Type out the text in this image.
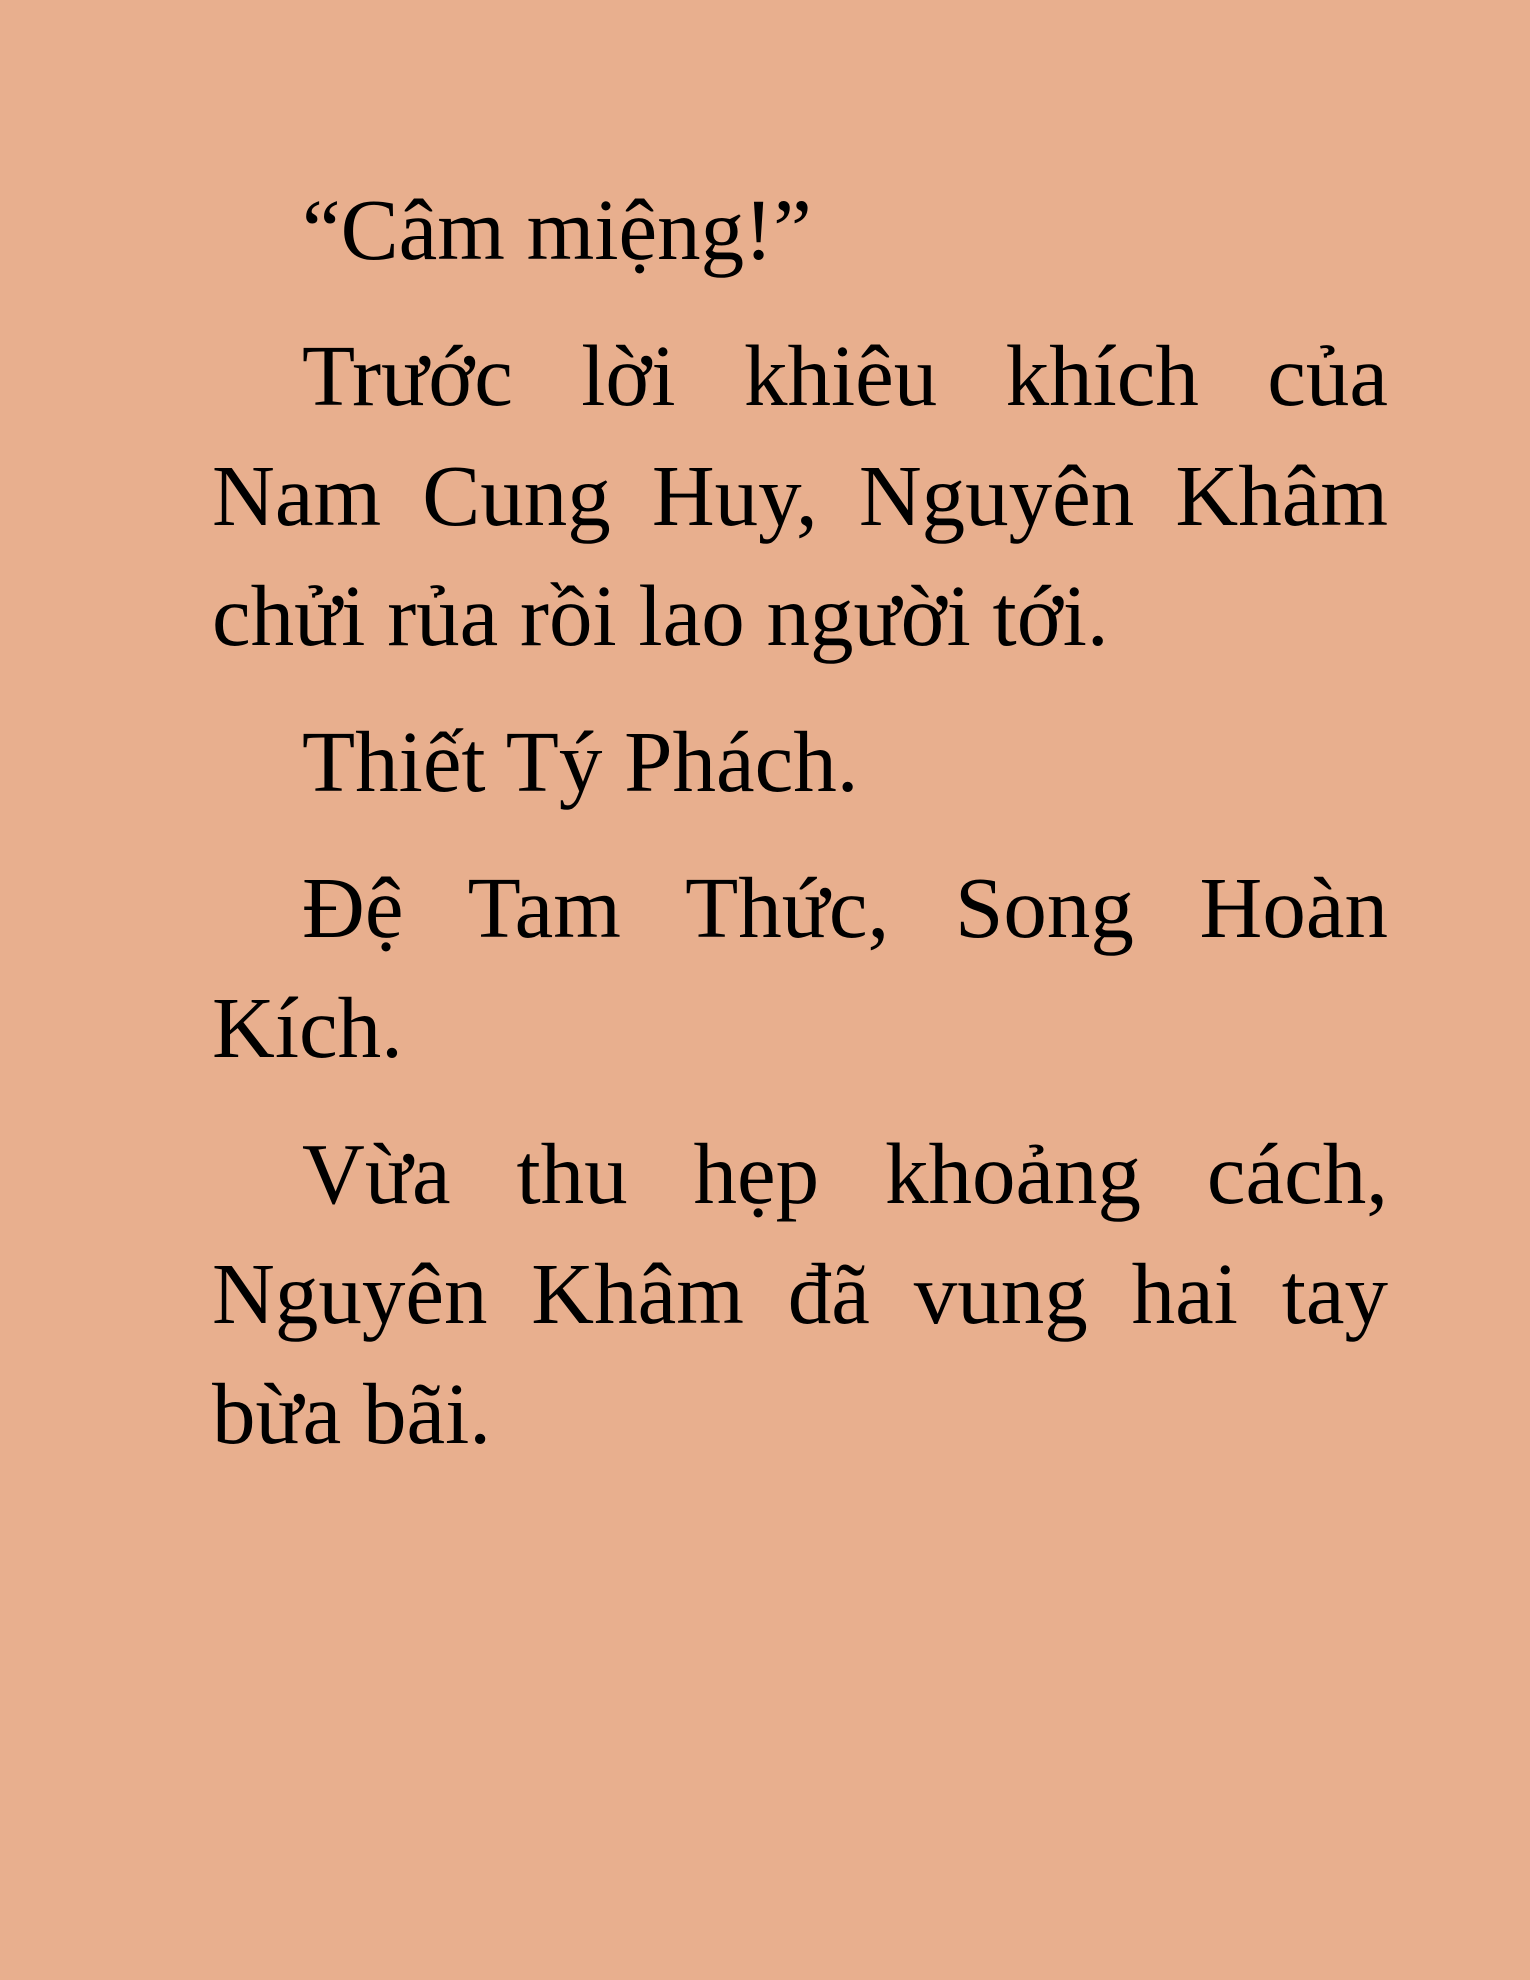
“Câm miệng!”

Trước lời khiêu khích của Nam Cung Huy, Nguyên Khâm chửi rủa rồi lao người tới.

Thiết Tý Phách.

Đệ Tam Thức, Song Hoàn Kích.

Vừa thu hẹp khoảng cách, Nguyên Khâm đã vung hai tay bừa bãi.
